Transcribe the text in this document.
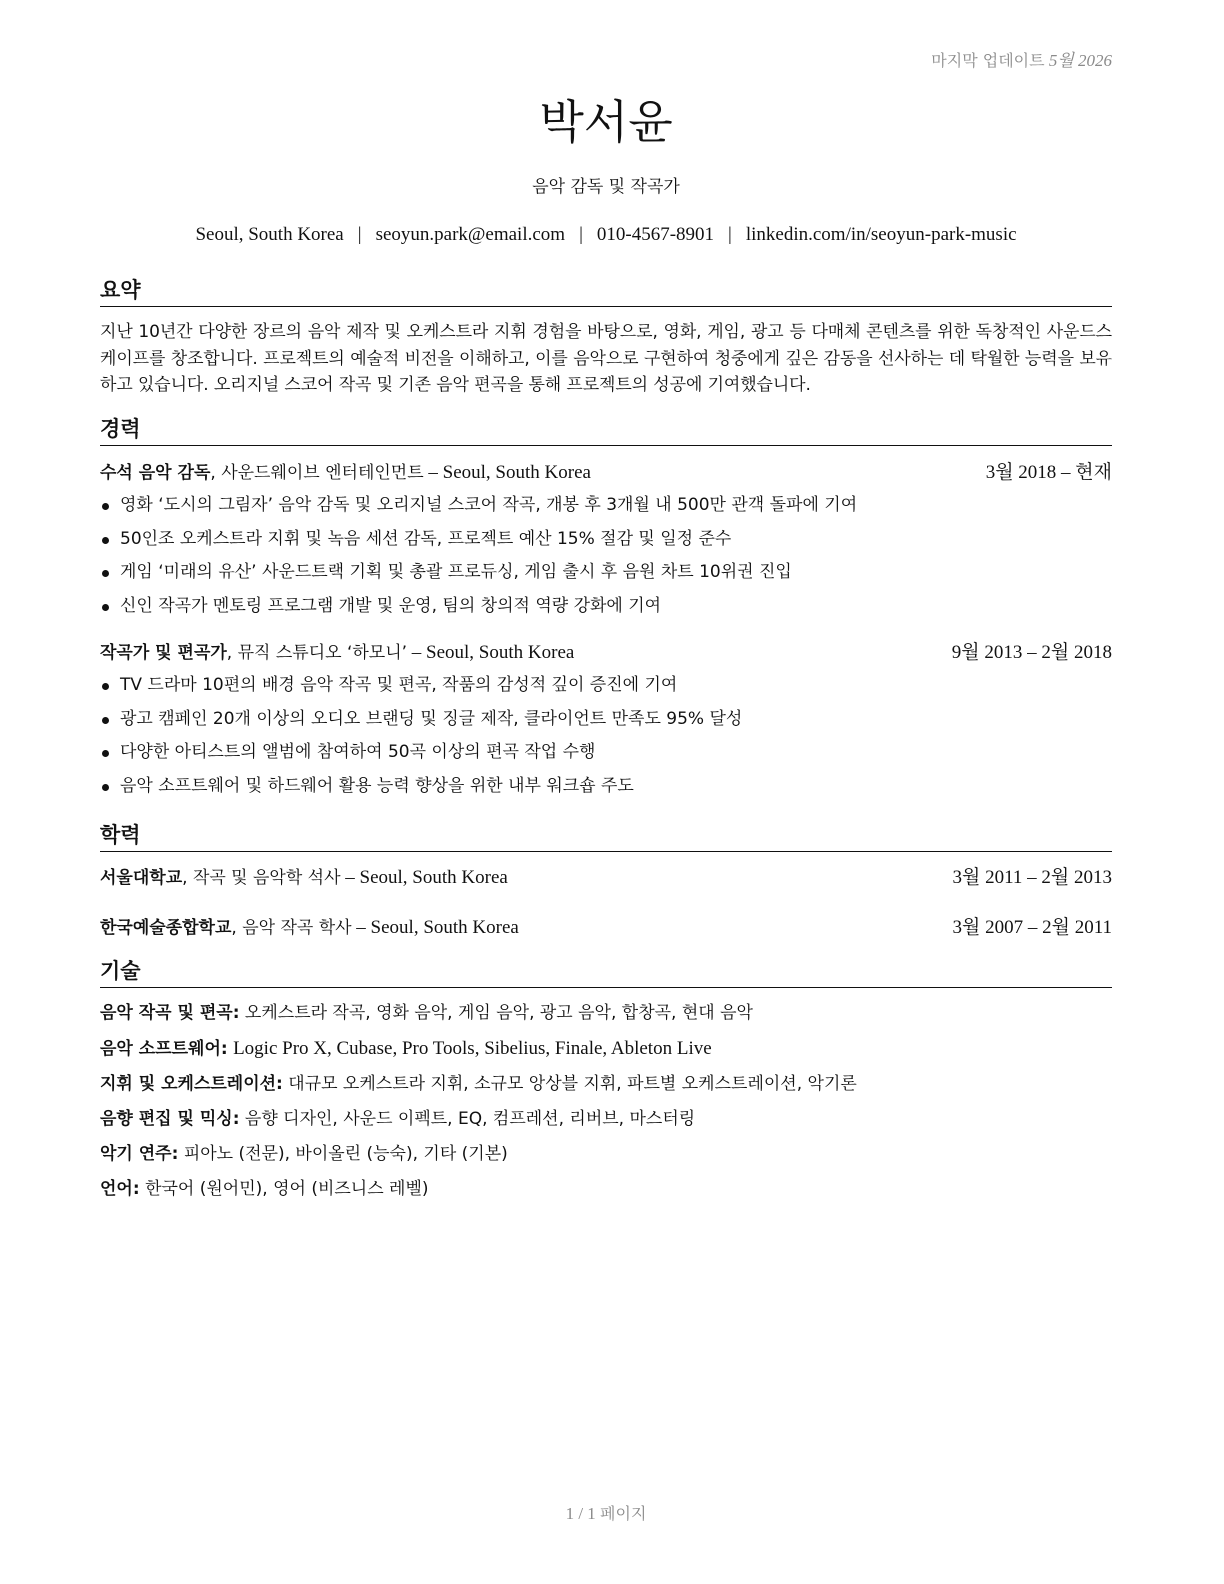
마지막 업데이트 5월 2026
박서윤
음악 감독 및 작곡가
Seoul, South Korea | seoyun.park@email.com | 010-4567-8901 | linkedin.com/in/seoyun-park-music
요약
지난 10년간 다양한 장르의 음악 제작 및 오케스트라 지휘 경험을 바탕으로, 영화, 게임, 광고 등 다매체 콘텐츠를 위한 독창적인 사운드스케이프를 창조합니다. 프로젝트의 예술적 비전을 이해하고, 이를 음악으로 구현하여 청중에게 깊은 감동을 선사하는 데 탁월한 능력을 보유하고 있습니다. 오리지널 스코어 작곡 및 기존 음악 편곡을 통해 프로젝트의 성공에 기여했습니다.
경력
수석 음악 감독, 사운드웨이브 엔터테인먼트 – Seoul, South Korea	3월 2018 – 현재
영화 ‘도시의 그림자’ 음악 감독 및 오리지널 스코어 작곡, 개봉 후 3개월 내 500만 관객 돌파에 기여
50인조 오케스트라 지휘 및 녹음 세션 감독, 프로젝트 예산 15% 절감 및 일정 준수
게임 ‘미래의 유산’ 사운드트랙 기획 및 총괄 프로듀싱, 게임 출시 후 음원 차트 10위권 진입
신인 작곡가 멘토링 프로그램 개발 및 운영, 팀의 창의적 역량 강화에 기여
작곡가 및 편곡가, 뮤직 스튜디오 ‘하모니’ – Seoul, South Korea	9월 2013 – 2월 2018
TV 드라마 10편의 배경 음악 작곡 및 편곡, 작품의 감성적 깊이 증진에 기여
광고 캠페인 20개 이상의 오디오 브랜딩 및 징글 제작, 클라이언트 만족도 95% 달성
다양한 아티스트의 앨범에 참여하여 50곡 이상의 편곡 작업 수행
음악 소프트웨어 및 하드웨어 활용 능력 향상을 위한 내부 워크숍 주도
학력
서울대학교, 작곡 및 음악학 석사 – Seoul, South Korea	3월 2011 – 2월 2013
한국예술종합학교, 음악 작곡 학사 – Seoul, South Korea	3월 2007 – 2월 2011
기술
음악 작곡 및 편곡: 오케스트라 작곡, 영화 음악, 게임 음악, 광고 음악, 합창곡, 현대 음악
음악 소프트웨어: Logic Pro X, Cubase, Pro Tools, Sibelius, Finale, Ableton Live
지휘 및 오케스트레이션: 대규모 오케스트라 지휘, 소규모 앙상블 지휘, 파트별 오케스트레이션, 악기론
음향 편집 및 믹싱: 음향 디자인, 사운드 이펙트, EQ, 컴프레션, 리버브, 마스터링
악기 연주: 피아노 (전문), 바이올린 (능숙), 기타 (기본)
언어: 한국어 (원어민), 영어 (비즈니스 레벨)
1 / 1 페이지
